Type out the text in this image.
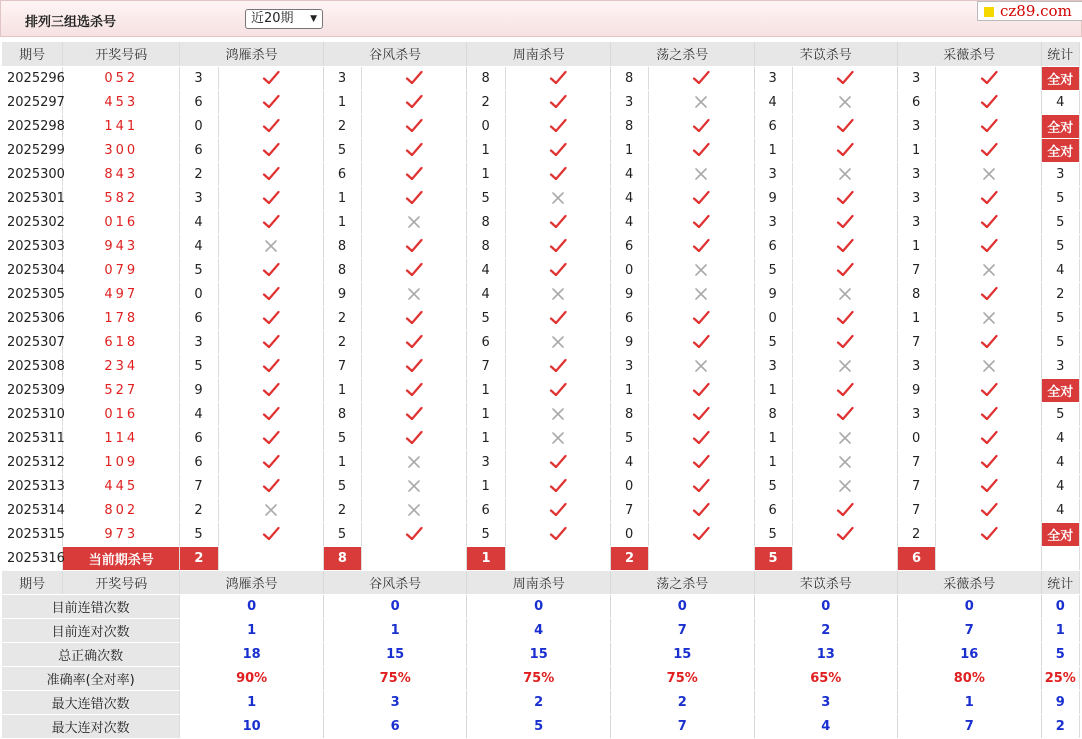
排列三组选杀号	近20期 ▼	cz89.com
期号	开奖号码	鸿雁杀号		谷风杀号		周南杀号		荡之杀号		芣苡杀号		采薇杀号		统计
2025296	052	3		3		8		8		3		3		全对
2025297	453	6		1		2		3		4		6		4
2025298	141	0		2		0		8		6		3		全对
2025299	300	6		5		1		1		1		1		全对
2025300	843	2		6		1		4		3		3		3
2025301	582	3		1		5		4		9		3		5
2025302	016	4		1		8		4		3		3		5
2025303	943	4		8		8		6		6		1		5
2025304	079	5		8		4		0		5		7		4
2025305	497	0		9		4		9		9		8		2
2025306	178	6		2		5		6		0		1		5
2025307	618	3		2		6		9		5		7		5
2025308	234	5		7		7		3		3		3		3
2025309	527	9		1		1		1		1		9		全对
2025310	016	4		8		1		8		8		3		5
2025311	114	6		5		1		5		1		0		4
2025312	109	6		1		3		4		1		7		4
2025313	445	7		5		1		0		5		7		4
2025314	802	2		2		6		7		6		7		4
2025315	973	5		5		5		0		5		2		全对
2025316	当前期杀号	2		8		1		2		5		6		
期号	开奖号码	鸿雁杀号		谷风杀号		周南杀号		荡之杀号		芣苡杀号		采薇杀号		统计
目前连错次数		0		0		0		0		0		0		0
目前连对次数		1		1		4		7		2		7		1
总正确次数		18		15		15		15		13		16		5
准确率(全对率)		90%		75%		75%		75%		65%		80%		25%
最大连错次数		1		3		2		2		3		1		9
最大连对次数		10		6		5		7		4		7		2
